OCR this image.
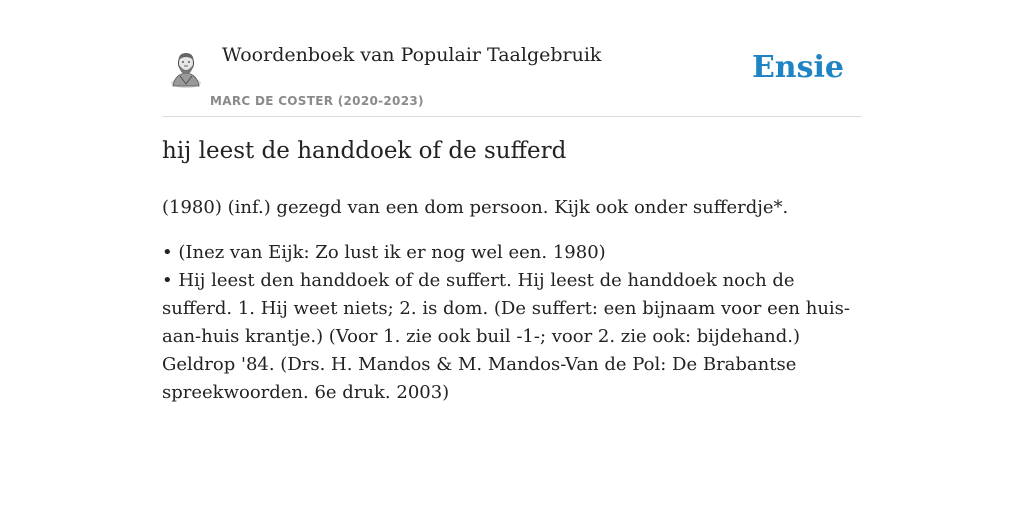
Woordenboek van Populair Taalgebruik
MARC DE COSTER (2020-2023)
Ensie
hij leest de handdoek of de sufferd
(1980) (inf.) gezegd van een dom persoon. Kijk ook onder sufferdje*.
• (Inez van Eijk: Zo lust ik er nog wel een. 1980)
• Hij leest den handdoek of de suffert. Hij leest de handdoek noch de sufferd. 1. Hij weet niets; 2. is dom. (De suffert: een bijnaam voor een huis-aan-huis krantje.) (Voor 1. zie ook buil -1-; voor 2. zie ook: bijdehand.) Geldrop '84. (Drs. H. Mandos & M. Mandos-Van de Pol: De Brabantse spreekwoorden. 6e druk. 2003)
